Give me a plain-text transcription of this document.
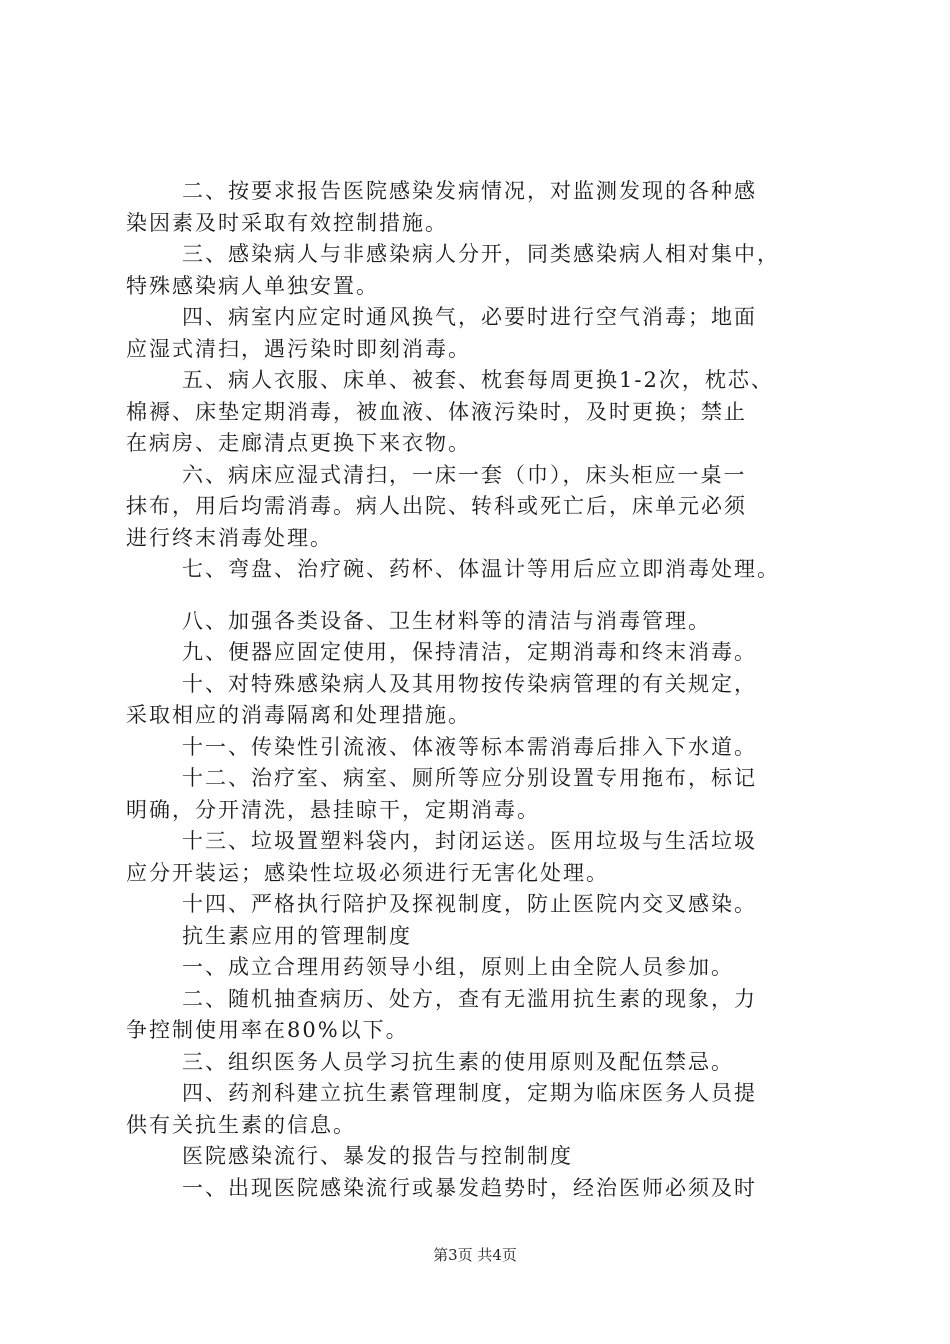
二、按要求报告医院感染发病情况，对监测发现的各种感
染因素及时采取有效控制措施。
三、感染病人与非感染病人分开，同类感染病人相对集中，
特殊感染病人单独安置。
四、病室内应定时通风换气，必要时进行空气消毒；地面
应湿式清扫，遇污染时即刻消毒。
五、病人衣服、床单、被套、枕套每周更换1-2次，枕芯、
棉褥、床垫定期消毒，被血液、体液污染时，及时更换；禁止
在病房、走廊清点更换下来衣物。
六、病床应湿式清扫，一床一套（巾），床头柜应一桌一
抹布，用后均需消毒。病人出院、转科或死亡后，床单元必须
进行终末消毒处理。
七、弯盘、治疗碗、药杯、体温计等用后应立即消毒处理。
八、加强各类设备、卫生材料等的清洁与消毒管理。
九、便器应固定使用，保持清洁，定期消毒和终末消毒。
十、对特殊感染病人及其用物按传染病管理的有关规定，
采取相应的消毒隔离和处理措施。
十一、传染性引流液、体液等标本需消毒后排入下水道。
十二、治疗室、病室、厕所等应分别设置专用拖布，标记
明确，分开清洗，悬挂晾干，定期消毒。
十三、垃圾置塑料袋内，封闭运送。医用垃圾与生活垃圾
应分开装运；感染性垃圾必须进行无害化处理。
十四、严格执行陪护及探视制度，防止医院内交叉感染。
抗生素应用的管理制度
一、成立合理用药领导小组，原则上由全院人员参加。
二、随机抽查病历、处方，查有无滥用抗生素的现象，力
争控制使用率在80%以下。
三、组织医务人员学习抗生素的使用原则及配伍禁忌。
四、药剂科建立抗生素管理制度，定期为临床医务人员提
供有关抗生素的信息。
医院感染流行、暴发的报告与控制制度
一、出现医院感染流行或暴发趋势时，经治医师必须及时
第3页 共4页
